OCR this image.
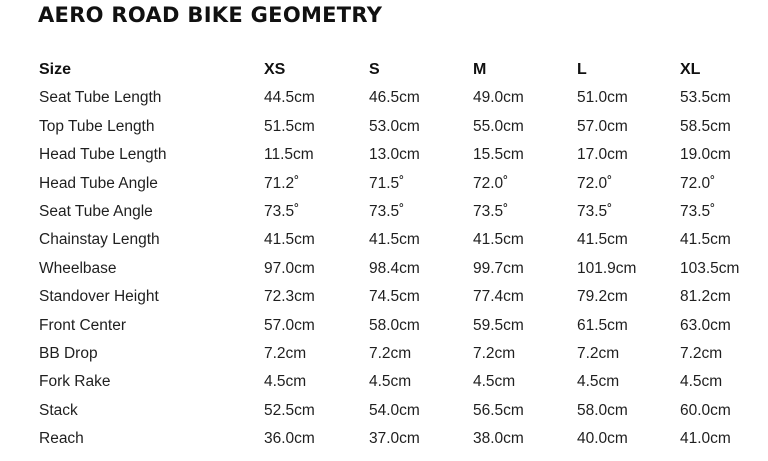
AERO ROAD BIKE GEOMETRY
Size	XS	S	M	L	XL
Seat Tube Length	44.5cm	46.5cm	49.0cm	51.0cm	53.5cm
Top Tube Length	51.5cm	53.0cm	55.0cm	57.0cm	58.5cm
Head Tube Length	11.5cm	13.0cm	15.5cm	17.0cm	19.0cm
Head Tube Angle	71.2˚	71.5˚	72.0˚	72.0˚	72.0˚
Seat Tube Angle	73.5˚	73.5˚	73.5˚	73.5˚	73.5˚
Chainstay Length	41.5cm	41.5cm	41.5cm	41.5cm	41.5cm
Wheelbase	97.0cm	98.4cm	99.7cm	101.9cm	103.5cm
Standover Height	72.3cm	74.5cm	77.4cm	79.2cm	81.2cm
Front Center	57.0cm	58.0cm	59.5cm	61.5cm	63.0cm
BB Drop	7.2cm	7.2cm	7.2cm	7.2cm	7.2cm
Fork Rake	4.5cm	4.5cm	4.5cm	4.5cm	4.5cm
Stack	52.5cm	54.0cm	56.5cm	58.0cm	60.0cm
Reach	36.0cm	37.0cm	38.0cm	40.0cm	41.0cm
